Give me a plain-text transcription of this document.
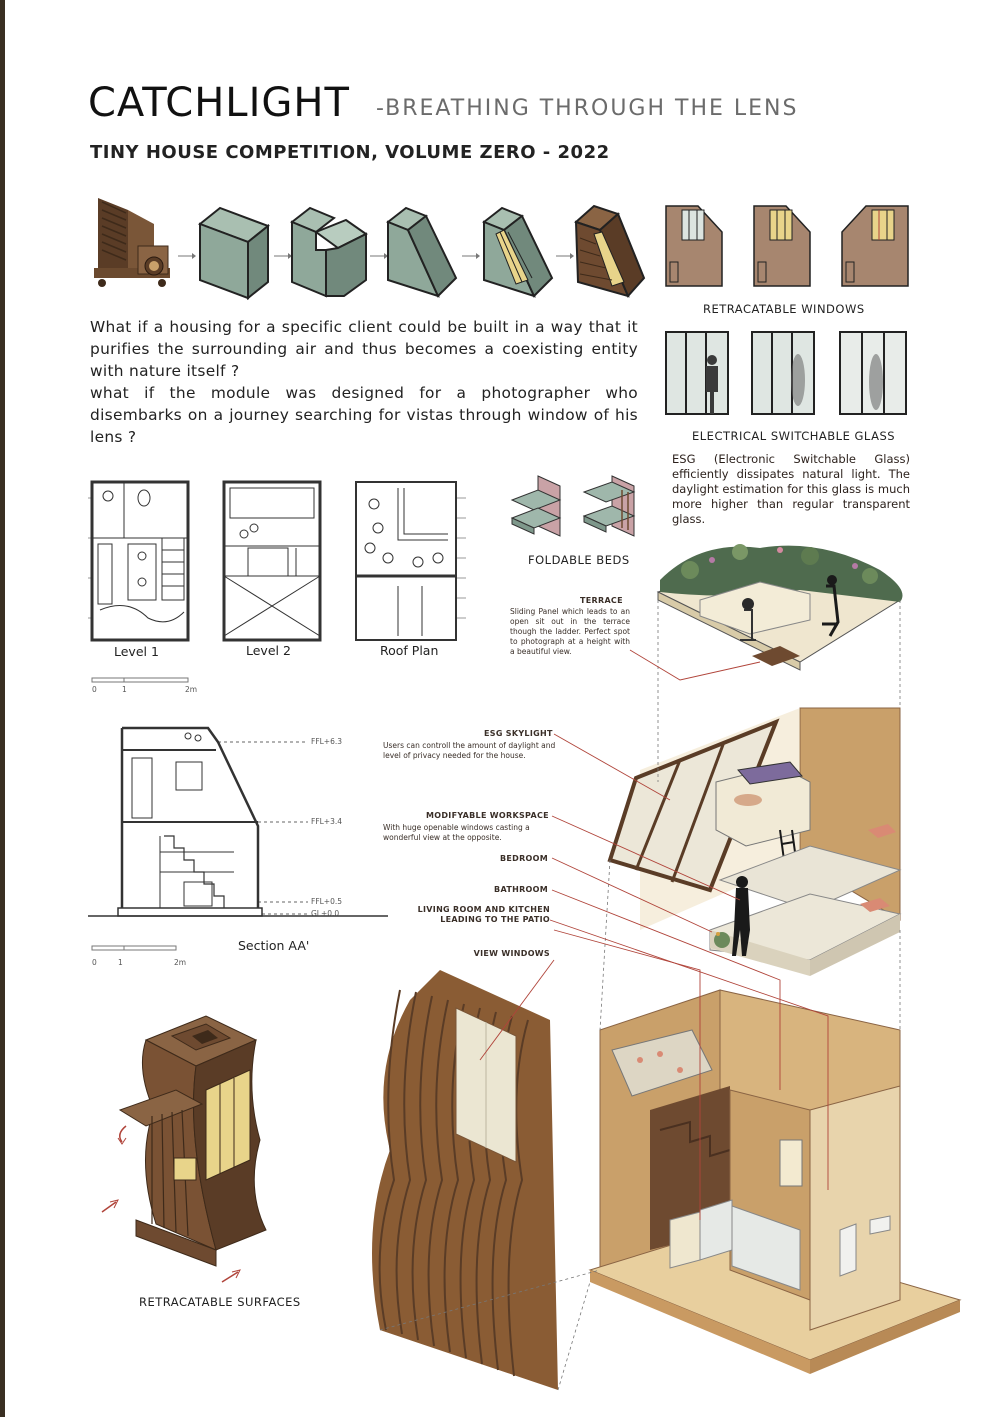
CATCHLIGHT -BREATHING THROUGH THE LENS
TINY HOUSE COMPETITION, VOLUME ZERO - 2022
RETRACATABLE WINDOWS
ELECTRICAL SWITCHABLE GLASS
ESG (Electronic Switchable Glass) efficiently dissipates natural light. The daylight estimation for this glass is much more higher than regular transparent glass.

What if a housing for a specific client could be built in a way that it purifies the surrounding air and thus becomes a coexisting entity with nature itself ?

what if the module was designed for a photographer who disembarks on a journey searching for vistas through window of his lens ?

Level 1	Level 2	Roof Plan
0	1	2m
FOLDABLE BEDS
FFL+6.3
FFL+3.4
FFL+0.5
GL+0.0
Section AA'
0	1	2m
TERRACE
Sliding Panel which leads to an open sit out in the terrace though the ladder. Perfect spot to photograph at a height with a beautiful view.
ESG SKYLIGHT
Users can controll the amount of daylight and level of privacy needed for the house.
MODIFYABLE WORKSPACE
With huge openable windows casting a wonderful view at the opposite.
BEDROOM
BATHROOM
LIVING ROOM AND KITCHEN
LEADING TO THE PATIO
VIEW WINDOWS
RETRACATABLE SURFACES
